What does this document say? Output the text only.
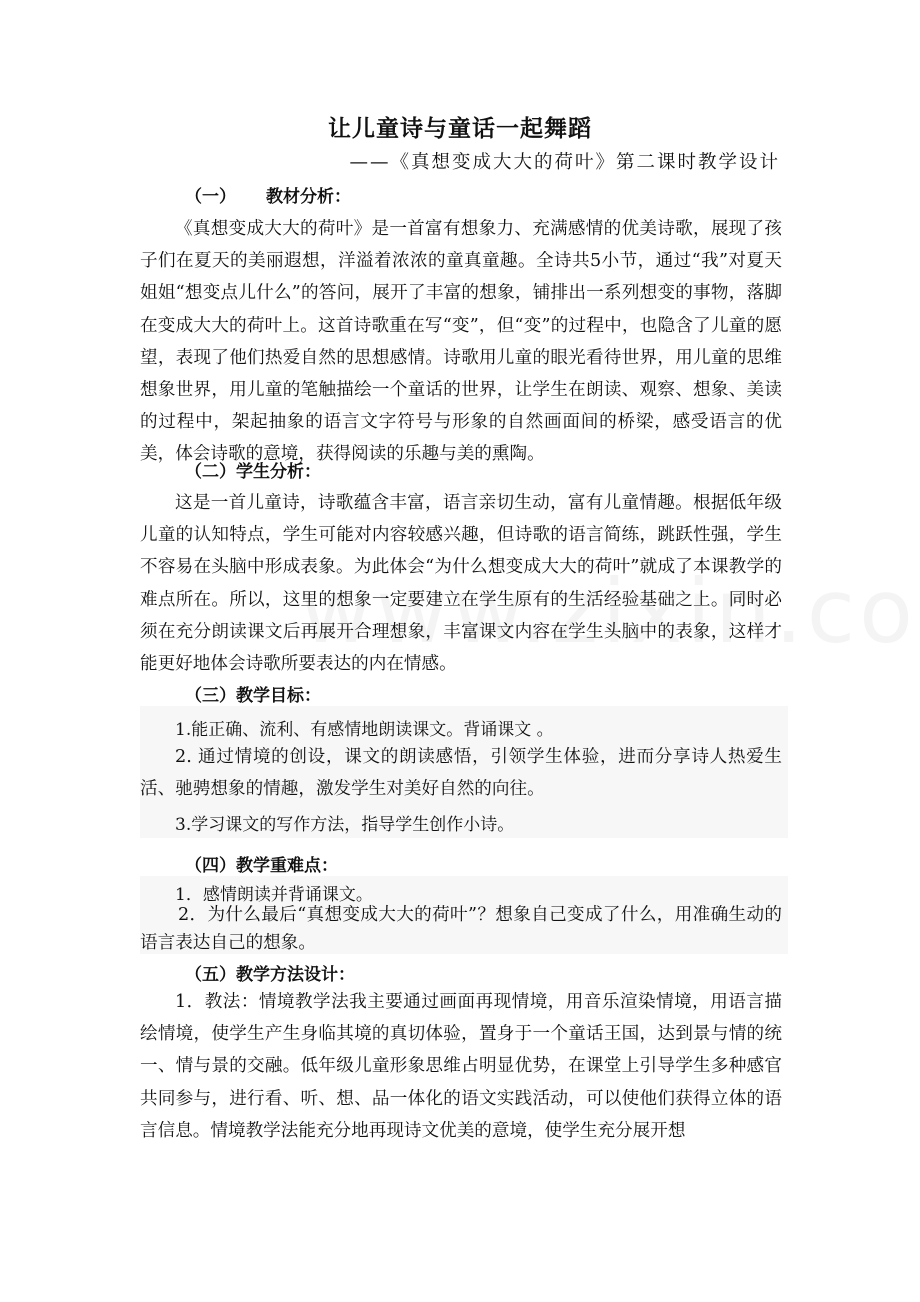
让儿童诗与童话一起舞蹈
——《真想变成大大的荷叶》第二课时教学设计
（一） 教材分析：

《真想变成大大的荷叶》是一首富有想象力、充满感情的优美诗歌，展现了孩子们在夏天的美丽遐想，洋溢着浓浓的童真童趣。全诗共5小节，通过“我”对夏天姐姐“想变点儿什么”的答问，展开了丰富的想象，铺排出一系列想变的事物，落脚在变成大大的荷叶上。这首诗歌重在写“变”，但“变”的过程中，也隐含了儿童的愿望，表现了他们热爱自然的思想感情。诗歌用儿童的眼光看待世界，用儿童的思维想象世界，用儿童的笔触描绘一个童话的世界，让学生在朗读、观察、想象、美读的过程中，架起抽象的语言文字符号与形象的自然画面间的桥梁，感受语言的优美，体会诗歌的意境，获得阅读的乐趣与美的熏陶。

（二）学生分析：

这是一首儿童诗，诗歌蕴含丰富，语言亲切生动，富有儿童情趣。根据低年级儿童的认知特点，学生可能对内容较感兴趣，但诗歌的语言简练，跳跃性强，学生不容易在头脑中形成表象。为此体会“为什么想变成大大的荷叶”就成了本课教学的难点所在。所以，这里的想象一定要建立在学生原有的生活经验基础之上。同时必须在充分朗读课文后再展开合理想象，丰富课文内容在学生头脑中的表象，这样才能更好地体会诗歌所要表达的内在情感。

（三）教学目标：

1.能正确、流利、有感情地朗读课文。背诵课文 。

2. 通过情境的创设，课文的朗读感悟，引领学生体验，进而分享诗人热爱生活、驰骋想象的情趣，激发学生对美好自然的向往。

3.学习课文的写作方法，指导学生创作小诗。

（四）教学重难点：

1．感情朗读并背诵课文。

2．为什么最后“真想变成大大的荷叶”？想象自己变成了什么，用准确生动的语言表达自己的想象。

（五）教学方法设计：

1．教法：情境教学法我主要通过画面再现情境，用音乐渲染情境，用语言描绘情境，使学生产生身临其境的真切体验，置身于一个童话王国，达到景与情的统一、情与景的交融。低年级儿童形象思维占明显优势，在课堂上引导学生多种感官共同参与，进行看、听、想、品一体化的语文实践活动，可以使他们获得立体的语言信息。情境教学法能充分地再现诗文优美的意境，使学生充分展开想
